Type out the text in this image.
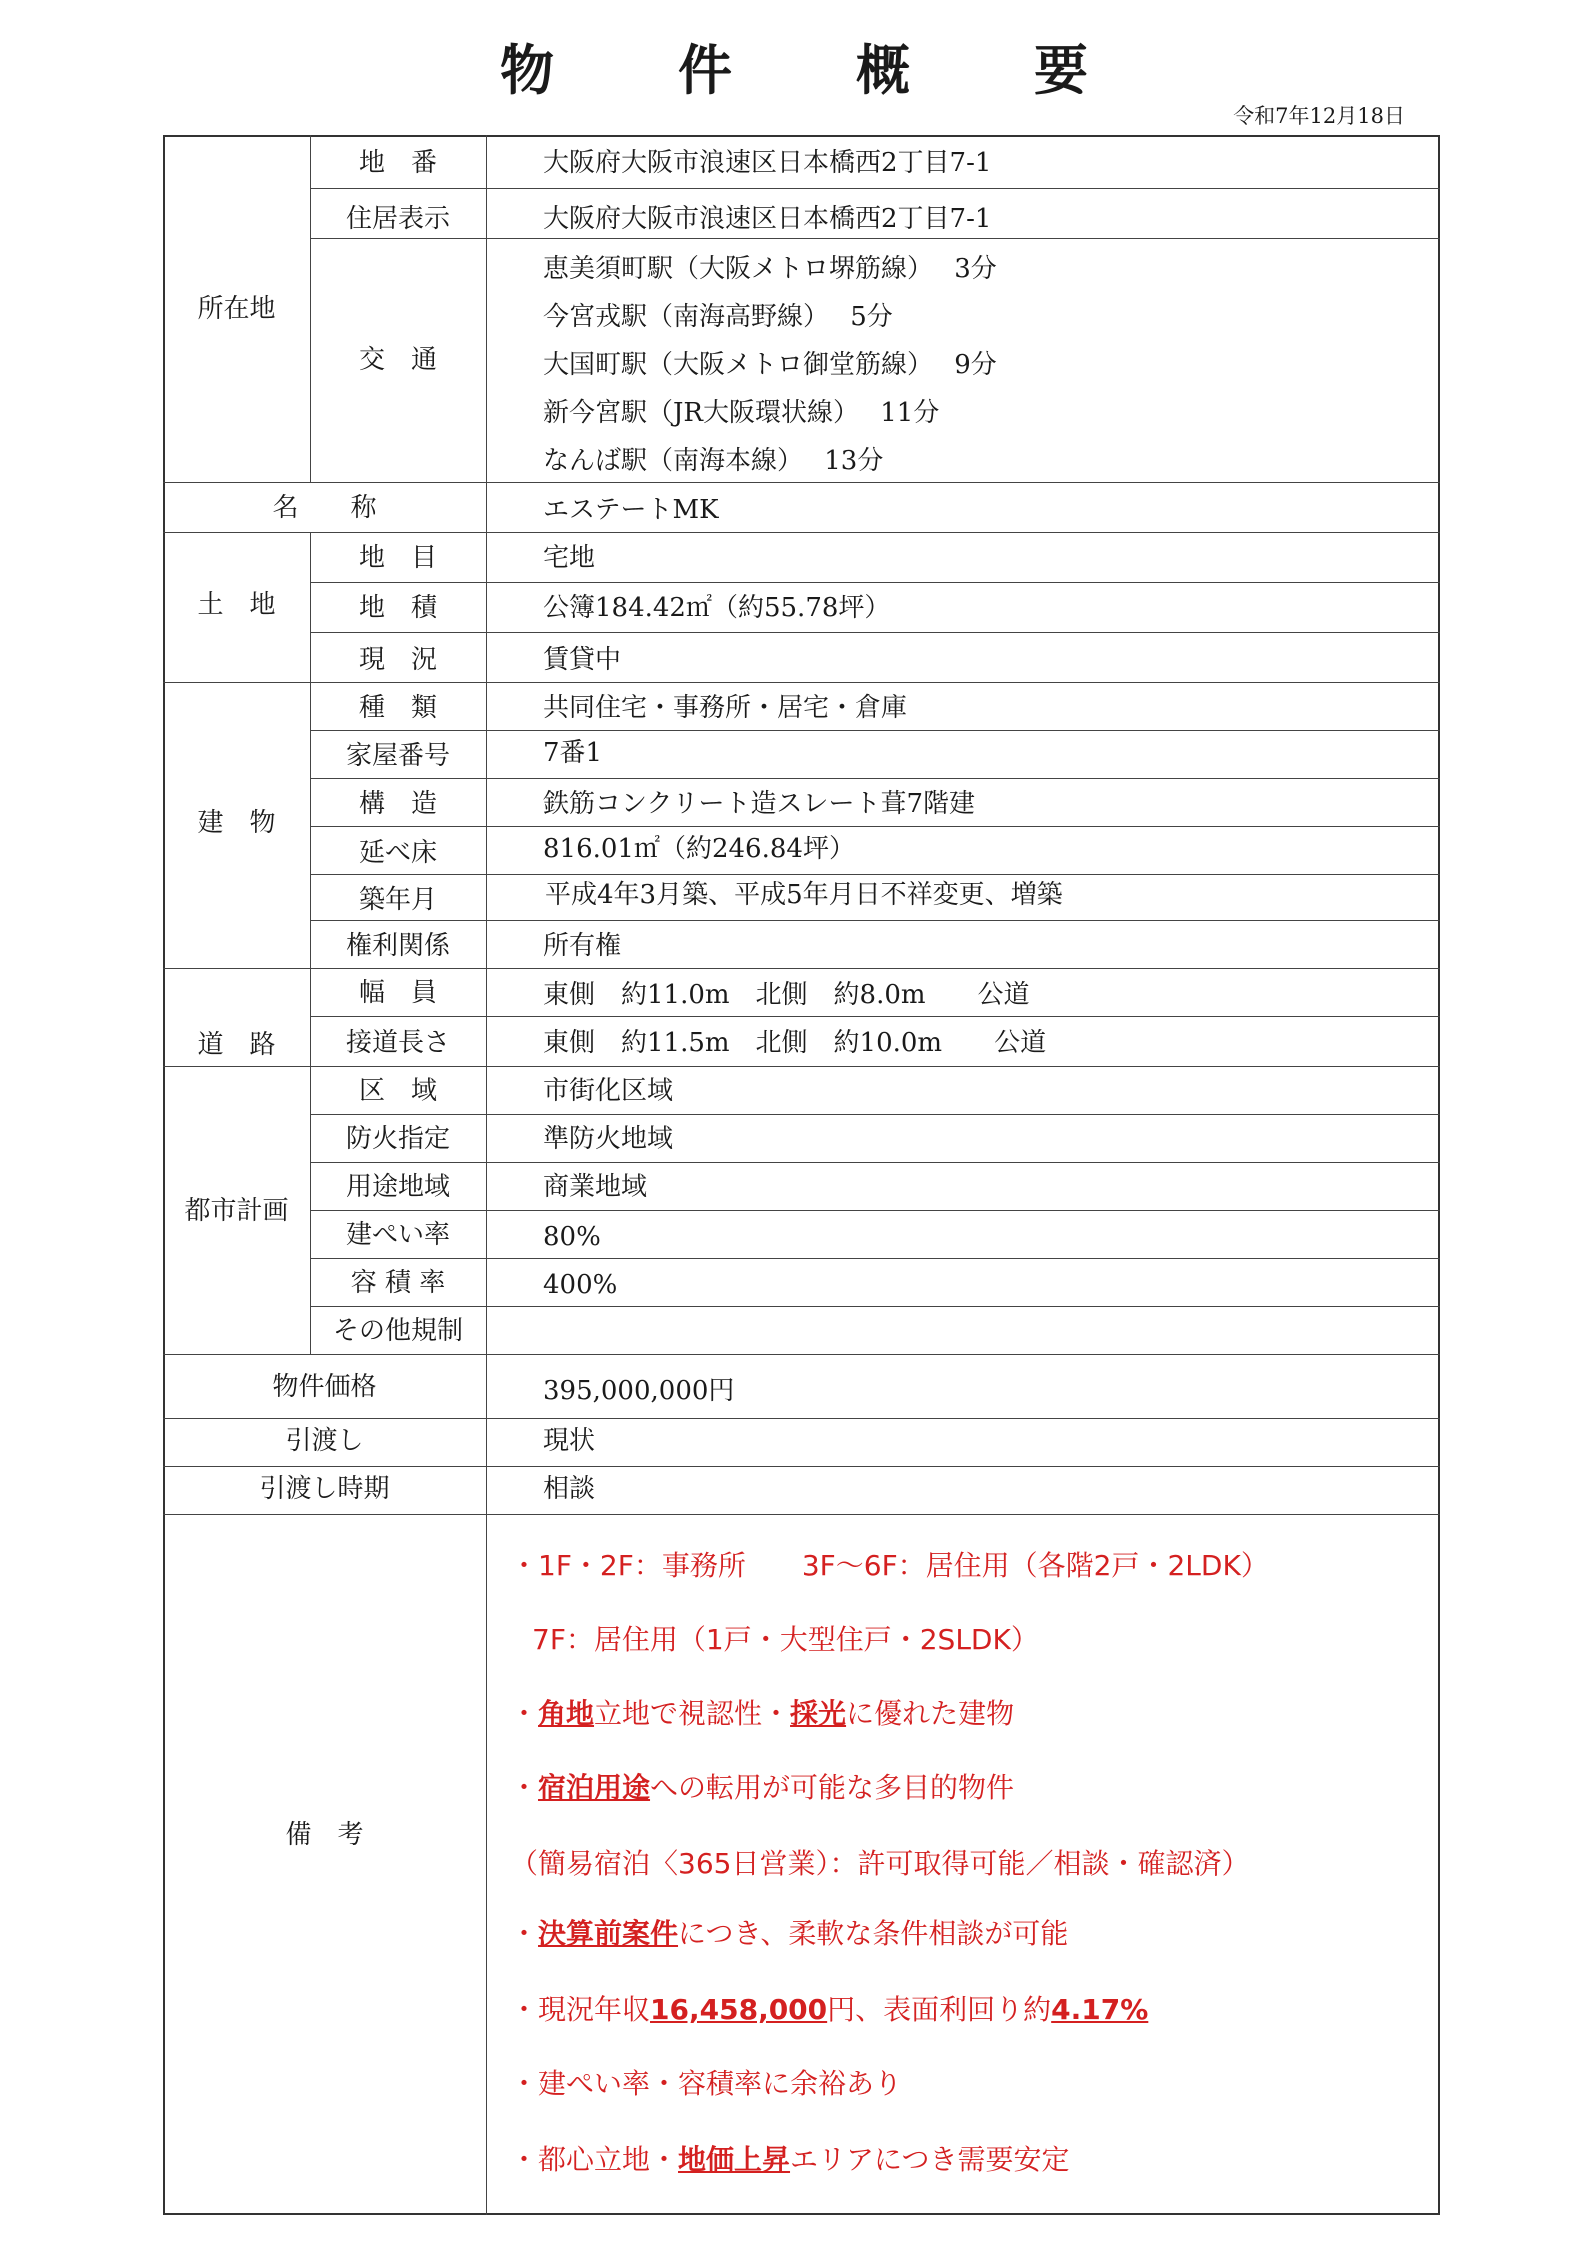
物 件 概 要
令和7年12月18日
所在地
地　番	大阪府大阪市浪速区日本橋西2丁目7-1
住居表示	大阪府大阪市浪速区日本橋西2丁目7-1
交　通
恵美須町駅（大阪メトロ堺筋線）　 3分
今宮戎駅（南海高野線）　 5分
大国町駅（大阪メトロ御堂筋線）　 9分
新今宮駅（JR大阪環状線）　 11分
なんば駅（南海本線）　 13分
名　　称	エステートMK
土　地
地　目	宅地
地　積	公簿184.42㎡（約55.78坪）
現　況	賃貸中
建　物
種　類	共同住宅・事務所・居宅・倉庫
家屋番号	7番1
構　造	鉄筋コンクリート造スレート葺7階建
延べ床	816.01㎡（約246.84坪）
築年月	平成4年3月築、平成5年月日不祥変更、増築
権利関係	所有権
道　路
幅　員	東側　約11.0m　北側　約8.0m　　公道
接道長さ	東側　約11.5m　北側　約10.0m　　公道
都市計画
区　域	市街化区域
防火指定	準防火地域
用途地域	商業地域
建ぺい率	80%
容 積 率	400%
その他規制
物件価格	395,000,000円
引渡し	現状
引渡し時期	相談
備　考
・1F・2F：事務所　　3F～6F：居住用（各階2戸・2LDK）
7F：居住用（1戸・大型住戸・2SLDK）
・角地立地で視認性・採光に優れた建物
・宿泊用途への転用が可能な多目的物件
（簡易宿泊〈365日営業）：許可取得可能／相談・確認済）
・決算前案件につき、柔軟な条件相談が可能
・現況年収16,458,000円、表面利回り約4.17%
・建ぺい率・容積率に余裕あり
・都心立地・地価上昇エリアにつき需要安定
